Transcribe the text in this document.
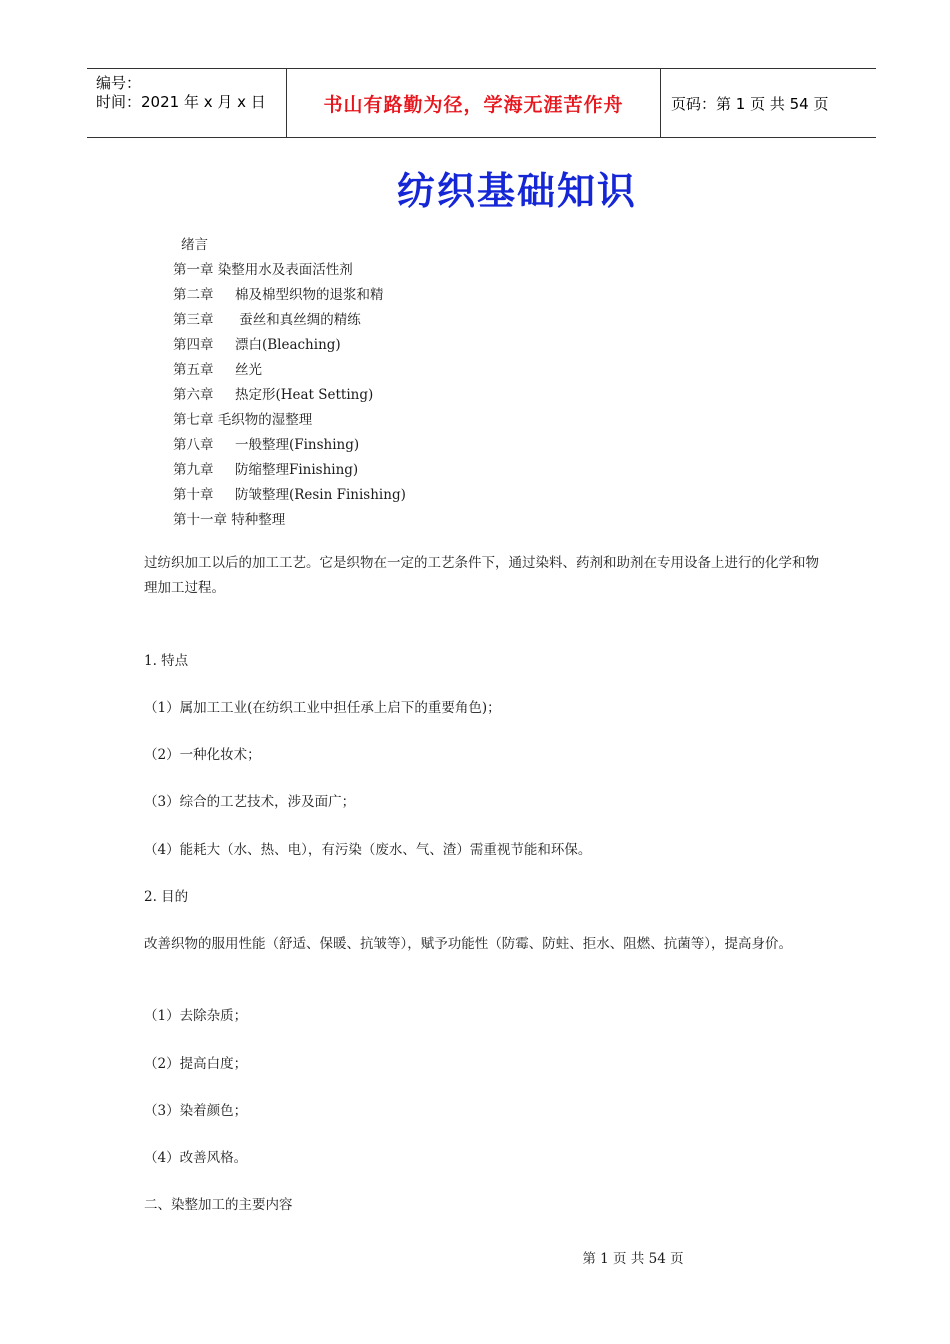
编号：
时间：2021 年 x 月 x 日	书山有路勤为径，学海无涯苦作舟	页码：第 1 页 共 54 页
纺织基础知识
绪言
第一章 染整用水及表面活性剂
第二章     棉及棉型织物的退浆和精
第三章      蚕丝和真丝绸的精练
第四章     漂白(Bleaching)
第五章     丝光
第六章     热定形(Heat Setting)
第七章 毛织物的湿整理
第八章     一般整理(Finshing)
第九章     防缩整理Finishing)
第十章     防皱整理(Resin Finishing)
第十一章 特种整理
过纺织加工以后的加工工艺。它是织物在一定的工艺条件下，通过染料、药剂和助剂在专用设备上进行的化学和物理加工过程。
1. 特点
（1）属加工工业(在纺织工业中担任承上启下的重要角色)；
（2）一种化妆术；
（3）综合的工艺技术，涉及面广；
（4）能耗大（水、热、电），有污染（废水、气、渣）需重视节能和环保。
2. 目的
改善织物的服用性能（舒适、保暖、抗皱等），赋予功能性（防霉、防蛀、拒水、阻燃、抗菌等），提高身价。
（1）去除杂质；
（2）提高白度；
（3）染着颜色；
（4）改善风格。
二、染整加工的主要内容
第 1 页 共 54 页
